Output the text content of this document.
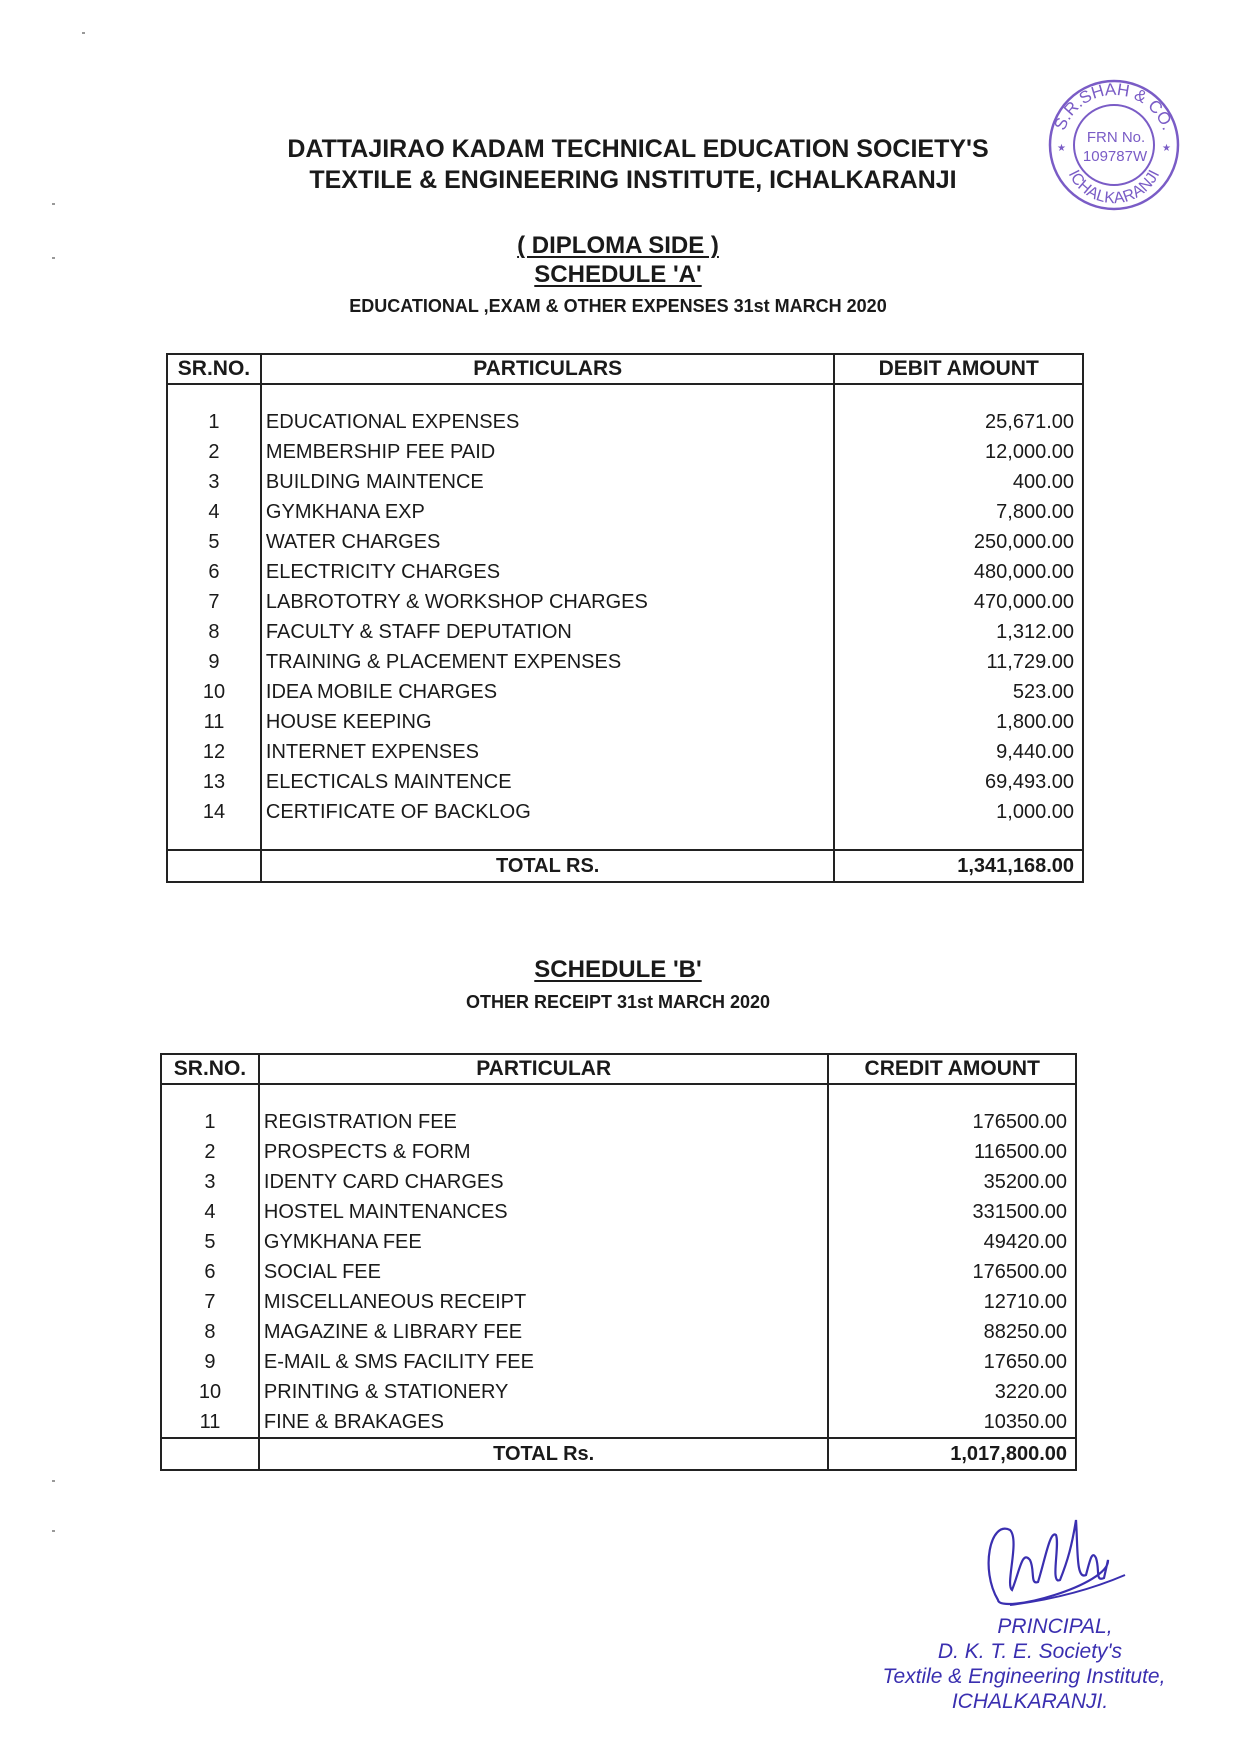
DATTAJIRAO KADAM TECHNICAL EDUCATION SOCIETY'S
TEXTILE & ENGINEERING INSTITUTE, ICHALKARANJI
S.R.SHAH & CO.
ICHALKARANJI
FRN No.
109787W
★	★
( DIPLOMA SIDE )
SCHEDULE 'A'
EDUCATIONAL ,EXAM & OTHER EXPENSES 31st MARCH 2020
SR.NO.	PARTICULARS	DEBIT AMOUNT

1	EDUCATIONAL EXPENSES	25,671.00
2	MEMBERSHIP FEE PAID	12,000.00
3	BUILDING MAINTENCE	400.00
4	GYMKHANA EXP	7,800.00
5	WATER CHARGES	250,000.00
6	ELECTRICITY CHARGES	480,000.00
7	LABROTOTRY & WORKSHOP CHARGES	470,000.00
8	FACULTY & STAFF DEPUTATION	1,312.00
9	TRAINING & PLACEMENT EXPENSES	11,729.00
10	IDEA MOBILE CHARGES	523.00
11	HOUSE KEEPING	1,800.00
12	INTERNET EXPENSES	9,440.00
13	ELECTICALS MAINTENCE	69,493.00
14	CERTIFICATE OF BACKLOG	1,000.00

	TOTAL RS.	1,341,168.00
SCHEDULE 'B'
OTHER RECEIPT 31st MARCH 2020
SR.NO.	PARTICULAR	CREDIT AMOUNT

1	REGISTRATION FEE	176500.00
2	PROSPECTS & FORM	116500.00
3	IDENTY CARD CHARGES	35200.00
4	HOSTEL MAINTENANCES	331500.00
5	GYMKHANA FEE	49420.00
6	SOCIAL FEE	176500.00
7	MISCELLANEOUS RECEIPT	12710.00
8	MAGAZINE & LIBRARY FEE	88250.00
9	E-MAIL & SMS FACILITY FEE	17650.00
10	PRINTING & STATIONERY	3220.00
11	FINE & BRAKAGES	10350.00
	TOTAL Rs.	1,017,800.00
PRINCIPAL,
D. K. T. E. Society's
Textile & Engineering Institute,
ICHALKARANJI.
